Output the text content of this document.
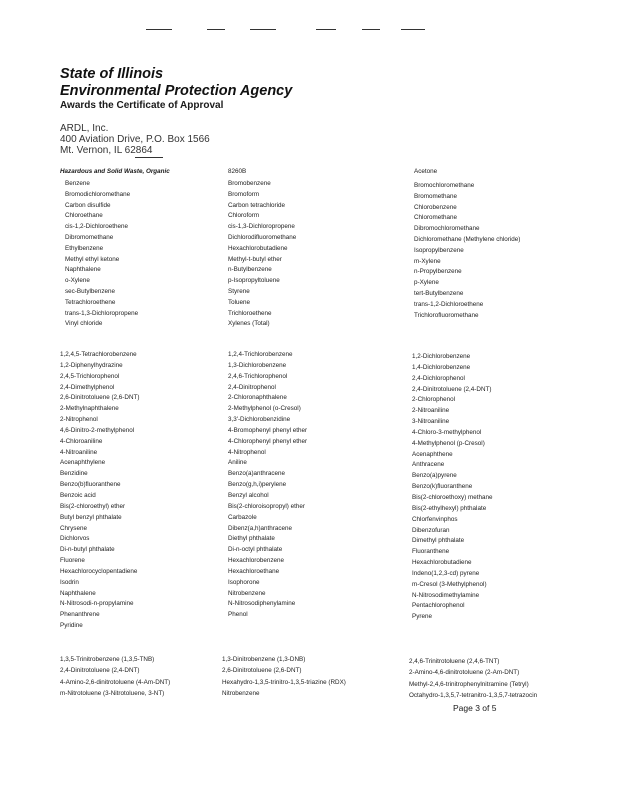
State of Illinois
Environmental Protection Agency
Awards the Certificate of Approval
ARDL, Inc.
400 Aviation Drive, P.O. Box 1566
Mt. Vernon, IL 62864
Hazardous and Solid Waste, Organic	8260B	Acetone
Benzene
Bromodichloromethane
Carbon disulfide
Chloroethane
cis-1,2-Dichloroethene
Dibromomethane
Ethylbenzene
Methyl ethyl ketone
Naphthalene
o-Xylene
sec-Butylbenzene
Tetrachloroethene
trans-1,3-Dichloropropene
Vinyl chloride
Bromobenzene
Bromoform
Carbon tetrachloride
Chloroform
cis-1,3-Dichloropropene
Dichlorodifluoromethane
Hexachlorobutadiene
Methyl-t-butyl ether
n-Butylbenzene
p-Isopropyltoluene
Styrene
Toluene
Trichloroethene
Xylenes (Total)
Bromochloromethane
Bromomethane
Chlorobenzene
Chloromethane
Dibromochloromethane
Dichloromethane (Methylene chloride)
Isopropylbenzene
m-Xylene
n-Propylbenzene
p-Xylene
tert-Butylbenzene
trans-1,2-Dichloroethene
Trichlorofluoromethane
1,2,4,5-Tetrachlorobenzene
1,2-Diphenylhydrazine
2,4,5-Trichlorophenol
2,4-Dimethylphenol
2,6-Dinitrotoluene (2,6-DNT)
2-Methylnaphthalene
2-Nitrophenol
4,6-Dinitro-2-methylphenol
4-Chloroaniline
4-Nitroaniline
Acenaphthylene
Benzidine
Benzo(b)fluoranthene
Benzoic acid
Bis(2-chloroethyl) ether
Butyl benzyl phthalate
Chrysene
Dichlorvos
Di-n-butyl phthalate
Fluorene
Hexachlorocyclopentadiene
Isodrin
Naphthalene
N-Nitrosodi-n-propylamine
Phenanthrene
Pyridine
1,2,4-Trichlorobenzene
1,3-Dichlorobenzene
2,4,6-Trichlorophenol
2,4-Dinitrophenol
2-Chloronaphthalene
2-Methylphenol (o-Cresol)
3,3'-Dichlorobenzidine
4-Bromophenyl phenyl ether
4-Chlorophenyl phenyl ether
4-Nitrophenol
Aniline
Benzo(a)anthracene
Benzo(g,h,i)perylene
Benzyl alcohol
Bis(2-chloroisopropyl) ether
Carbazole
Dibenz(a,h)anthracene
Diethyl phthalate
Di-n-octyl phthalate
Hexachlorobenzene
Hexachloroethane
Isophorone
Nitrobenzene
N-Nitrosodiphenylamine
Phenol
1,2-Dichlorobenzene
1,4-Dichlorobenzene
2,4-Dichlorophenol
2,4-Dinitrotoluene (2,4-DNT)
2-Chlorophenol
2-Nitroaniline
3-Nitroaniline
4-Chloro-3-methylphenol
4-Methylphenol (p-Cresol)
Acenaphthene
Anthracene
Benzo(a)pyrene
Benzo(k)fluoranthene
Bis(2-chloroethoxy) methane
Bis(2-ethylhexyl) phthalate
Chlorfenvinphos
Dibenzofuran
Dimethyl phthalate
Fluoranthene
Hexachlorobutadiene
Indeno(1,2,3-cd) pyrene
m-Cresol (3-Methylphenol)
N-Nitrosodimethylamine
Pentachlorophenol
Pyrene
1,3,5-Trinitrobenzene (1,3,5-TNB)
2,4-Dinitrotoluene (2,4-DNT)
4-Amino-2,6-dinitrotoluene (4-Am-DNT)
m-Nitrotoluene (3-Nitrotoluene, 3-NT)
1,3-Dinitrobenzene (1,3-DNB)
2,6-Dinitrotoluene (2,6-DNT)
Hexahydro-1,3,5-trinitro-1,3,5-triazine (RDX)
Nitrobenzene
2,4,6-Trinitrotoluene (2,4,6-TNT)
2-Amino-4,6-dinitrotoluene (2-Am-DNT)
Methyl-2,4,6-trinitrophenylnitramine (Tetryl)
Octahydro-1,3,5,7-tetranitro-1,3,5,7-tetrazocin
Page 3 of 5
